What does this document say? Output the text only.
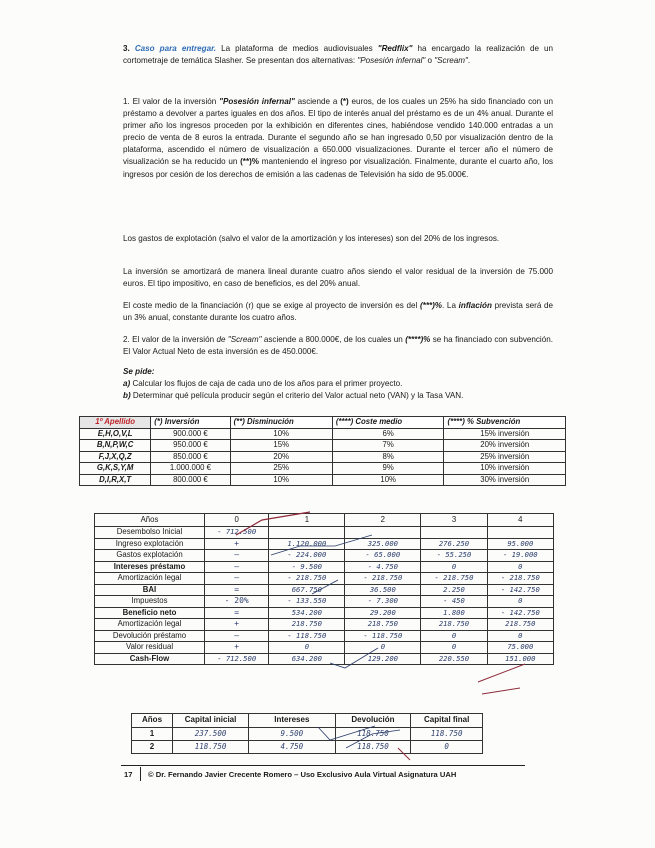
3. Caso para entregar. La plataforma de medios audiovisuales "Redflix" ha encargado la realización de un cortometraje de temática Slasher. Se presentan dos alternativas: "Posesión infernal" o "Scream".

1. El valor de la inversión "Posesión infernal" asciende a (*) euros, de los cuales un 25% ha sido financiado con un préstamo a devolver a partes iguales en dos años. El tipo de interés anual del préstamo es de un 4% anual. Durante el primer año los ingresos proceden por la exhibición en diferentes cines, habiéndose vendido 140.000 entradas a un precio de venta de 8 euros la entrada. Durante el segundo año se han ingresado 0,50 por visualización dentro de la plataforma, ascendido el número de visualización a 650.000 visualizaciones. Durante el tercer año el número de visualización se ha reducido un (**)% manteniendo el ingreso por visualización. Finalmente, durante el cuarto año, los ingresos por cesión de los derechos de emisión a las cadenas de Televisión ha sido de 95.000€.

Los gastos de explotación (salvo el valor de la amortización y los intereses) son del 20% de los ingresos.

La inversión se amortizará de manera lineal durante cuatro años siendo el valor residual de la inversión de 75.000 euros. El tipo impositivo, en caso de beneficios, es del 20% anual.

El coste medio de la financiación (r) que se exige al proyecto de inversión es del (***)%. La inflación prevista será de un 3% anual, constante durante los cuatro años.

2. El valor de la inversión de "Scream" asciende a 800.000€, de los cuales un (****)% se ha financiado con subvención. El Valor Actual Neto de esta inversión es de 450.000€.

Se pide:

a) Calcular los flujos de caja de cada uno de los años para el primer proyecto.

b) Determinar qué película producir según el criterio del Valor actual neto (VAN) y la Tasa VAN.

1º Apellido	(*) Inversión	(**) Disminución	(****) Coste medio	(****) % Subvención
E,H,O,V,L	900.000 €	10%	6%	15% inversión
B,N,P,W,C	950.000 €	15%	7%	20% inversión
F,J,X,Q,Z	850.000 €	20%	8%	25% inversión
G,K,S,Y,M	1.000.000 €	25%	9%	10% inversión
D,I,R,X,T	800.000 €	10%	10%	30% inversión
Años	0	1	2	3	4
Desembolso Inicial	- 712.500				
Ingreso explotación	+	1.120.000	325.000	276.250	95.000
Gastos explotación	—	- 224.000	- 65.000	- 55.250	- 19.000
Intereses préstamo	—	- 9.500	- 4.750	0	0
Amortización legal	—	- 218.750	- 218.750	- 218.750	- 218.750
BAI	=	667.750	36.500	2.250	- 142.750
Impuestos	- 20%	- 133.550	- 7.300	- 450	0
Beneficio neto	=	534.200	29.200	1.800	- 142.750
Amortización legal	+	218.750	218.750	218.750	218.750
Devolución préstamo	—	- 118.750	- 118.750	0	0
Valor residual	+	0	0	0	75.000
Cash-Flow	- 712.500	634.200	129.200	220.550	151.000
Años	Capital inicial	Intereses	Devolución	Capital final
1	237.500	9.500	118.750	118.750
2	118.750	4.750	118.750	0
17 © Dr. Fernando Javier Crecente Romero – Uso Exclusivo Aula Virtual Asignatura UAH
